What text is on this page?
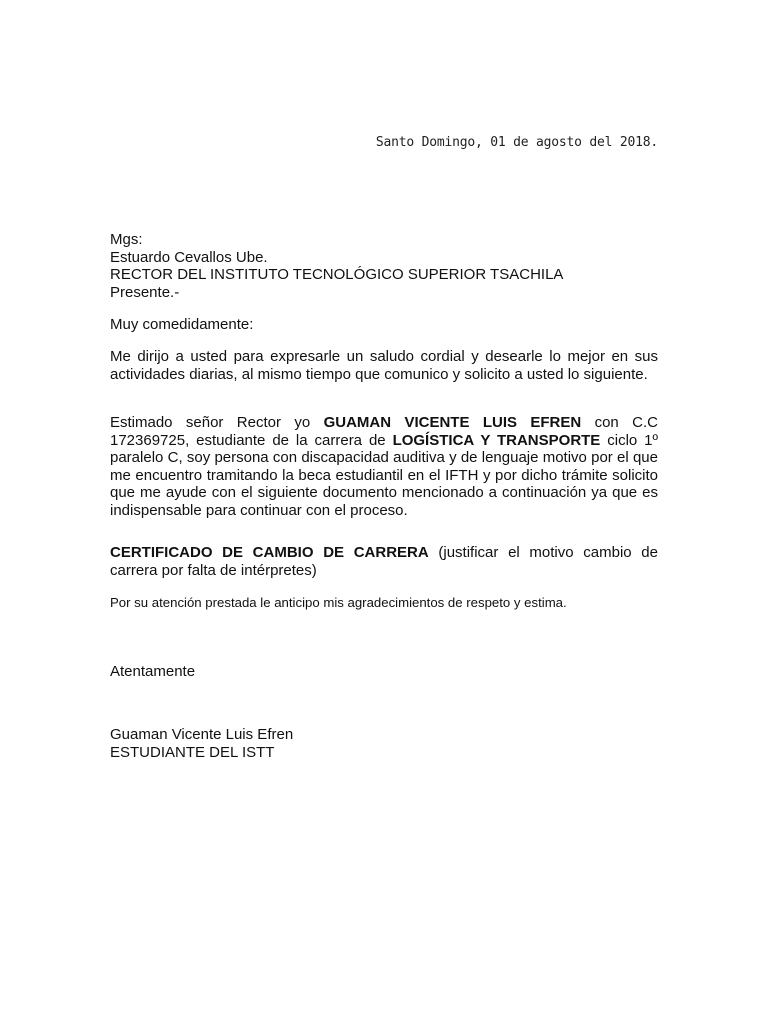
Santo Domingo, 01 de agosto del 2018.
Mgs:
Estuardo Cevallos Ube.
RECTOR DEL INSTITUTO TECNOLÓGICO SUPERIOR TSACHILA
Presente.-
Muy comedidamente:
Me dirijo a usted para expresarle un saludo cordial y desearle lo mejor en sus actividades diarias, al mismo tiempo que comunico y solicito a usted lo siguiente.
Estimado señor Rector yo GUAMAN VICENTE LUIS EFREN con C.C 172369725, estudiante de la carrera de LOGÍSTICA Y TRANSPORTE ciclo 1º paralelo C, soy persona con discapacidad auditiva y de lenguaje motivo por el que me encuentro tramitando la beca estudiantil en el IFTH y por dicho trámite solicito que me ayude con el siguiente documento mencionado a continuación ya que es indispensable para continuar con el proceso.
CERTIFICADO DE CAMBIO DE CARRERA (justificar el motivo cambio de carrera por falta de intérpretes)
Por su atención prestada le anticipo mis agradecimientos de respeto y estima.
Atentamente
Guaman Vicente Luis Efren
ESTUDIANTE DEL ISTT
